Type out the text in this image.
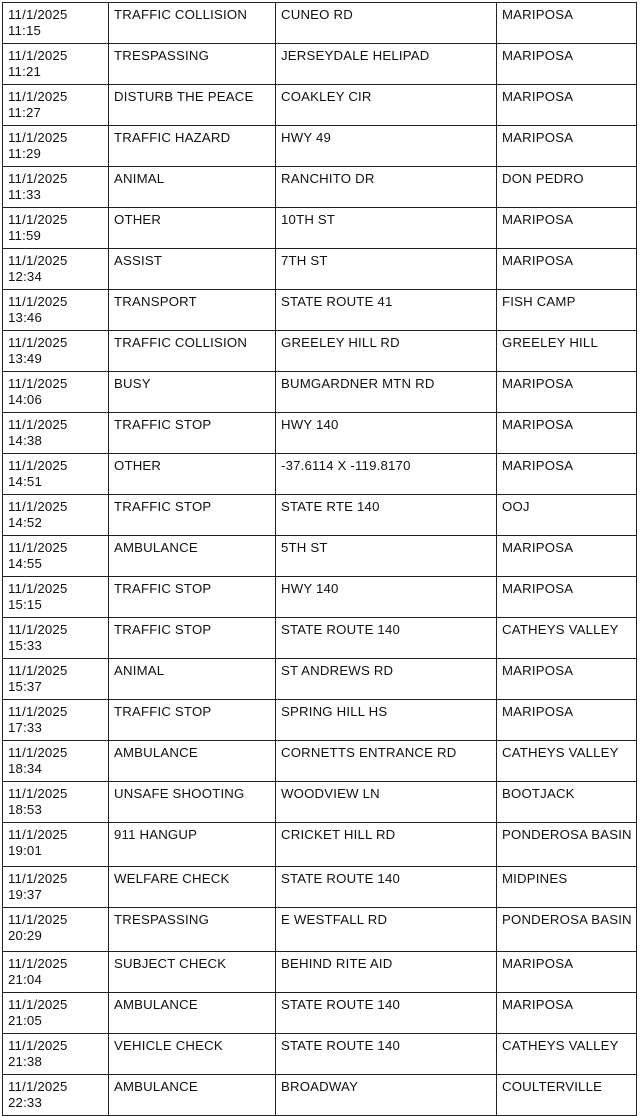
11/1/2025 11:15	TRAFFIC COLLISION	CUNEO RD	MARIPOSA
11/1/2025 11:21	TRESPASSING	JERSEYDALE HELIPAD	MARIPOSA
11/1/2025 11:27	DISTURB THE PEACE	COAKLEY CIR	MARIPOSA
11/1/2025 11:29	TRAFFIC HAZARD	HWY 49	MARIPOSA
11/1/2025 11:33	ANIMAL	RANCHITO DR	DON PEDRO
11/1/2025 11:59	OTHER	10TH ST	MARIPOSA
11/1/2025 12:34	ASSIST	7TH ST	MARIPOSA
11/1/2025 13:46	TRANSPORT	STATE ROUTE 41	FISH CAMP
11/1/2025 13:49	TRAFFIC COLLISION	GREELEY HILL RD	GREELEY HILL
11/1/2025 14:06	BUSY	BUMGARDNER MTN RD	MARIPOSA
11/1/2025 14:38	TRAFFIC STOP	HWY 140	MARIPOSA
11/1/2025 14:51	OTHER	-37.6114 X -119.8170	MARIPOSA
11/1/2025 14:52	TRAFFIC STOP	STATE RTE 140	OOJ
11/1/2025 14:55	AMBULANCE	5TH ST	MARIPOSA
11/1/2025 15:15	TRAFFIC STOP	HWY 140	MARIPOSA
11/1/2025 15:33	TRAFFIC STOP	STATE ROUTE 140	CATHEYS VALLEY
11/1/2025 15:37	ANIMAL	ST ANDREWS RD	MARIPOSA
11/1/2025 17:33	TRAFFIC STOP	SPRING HILL HS	MARIPOSA
11/1/2025 18:34	AMBULANCE	CORNETTS ENTRANCE RD	CATHEYS VALLEY
11/1/2025 18:53	UNSAFE SHOOTING	WOODVIEW LN	BOOTJACK
11/1/2025 19:01	911 HANGUP	CRICKET HILL RD	PONDEROSA BASIN
11/1/2025 19:37	WELFARE CHECK	STATE ROUTE 140	MIDPINES
11/1/2025 20:29	TRESPASSING	E WESTFALL RD	PONDEROSA BASIN
11/1/2025 21:04	SUBJECT CHECK	BEHIND RITE AID	MARIPOSA
11/1/2025 21:05	AMBULANCE	STATE ROUTE 140	MARIPOSA
11/1/2025 21:38	VEHICLE CHECK	STATE ROUTE 140	CATHEYS VALLEY
11/1/2025 22:33	AMBULANCE	BROADWAY	COULTERVILLE
